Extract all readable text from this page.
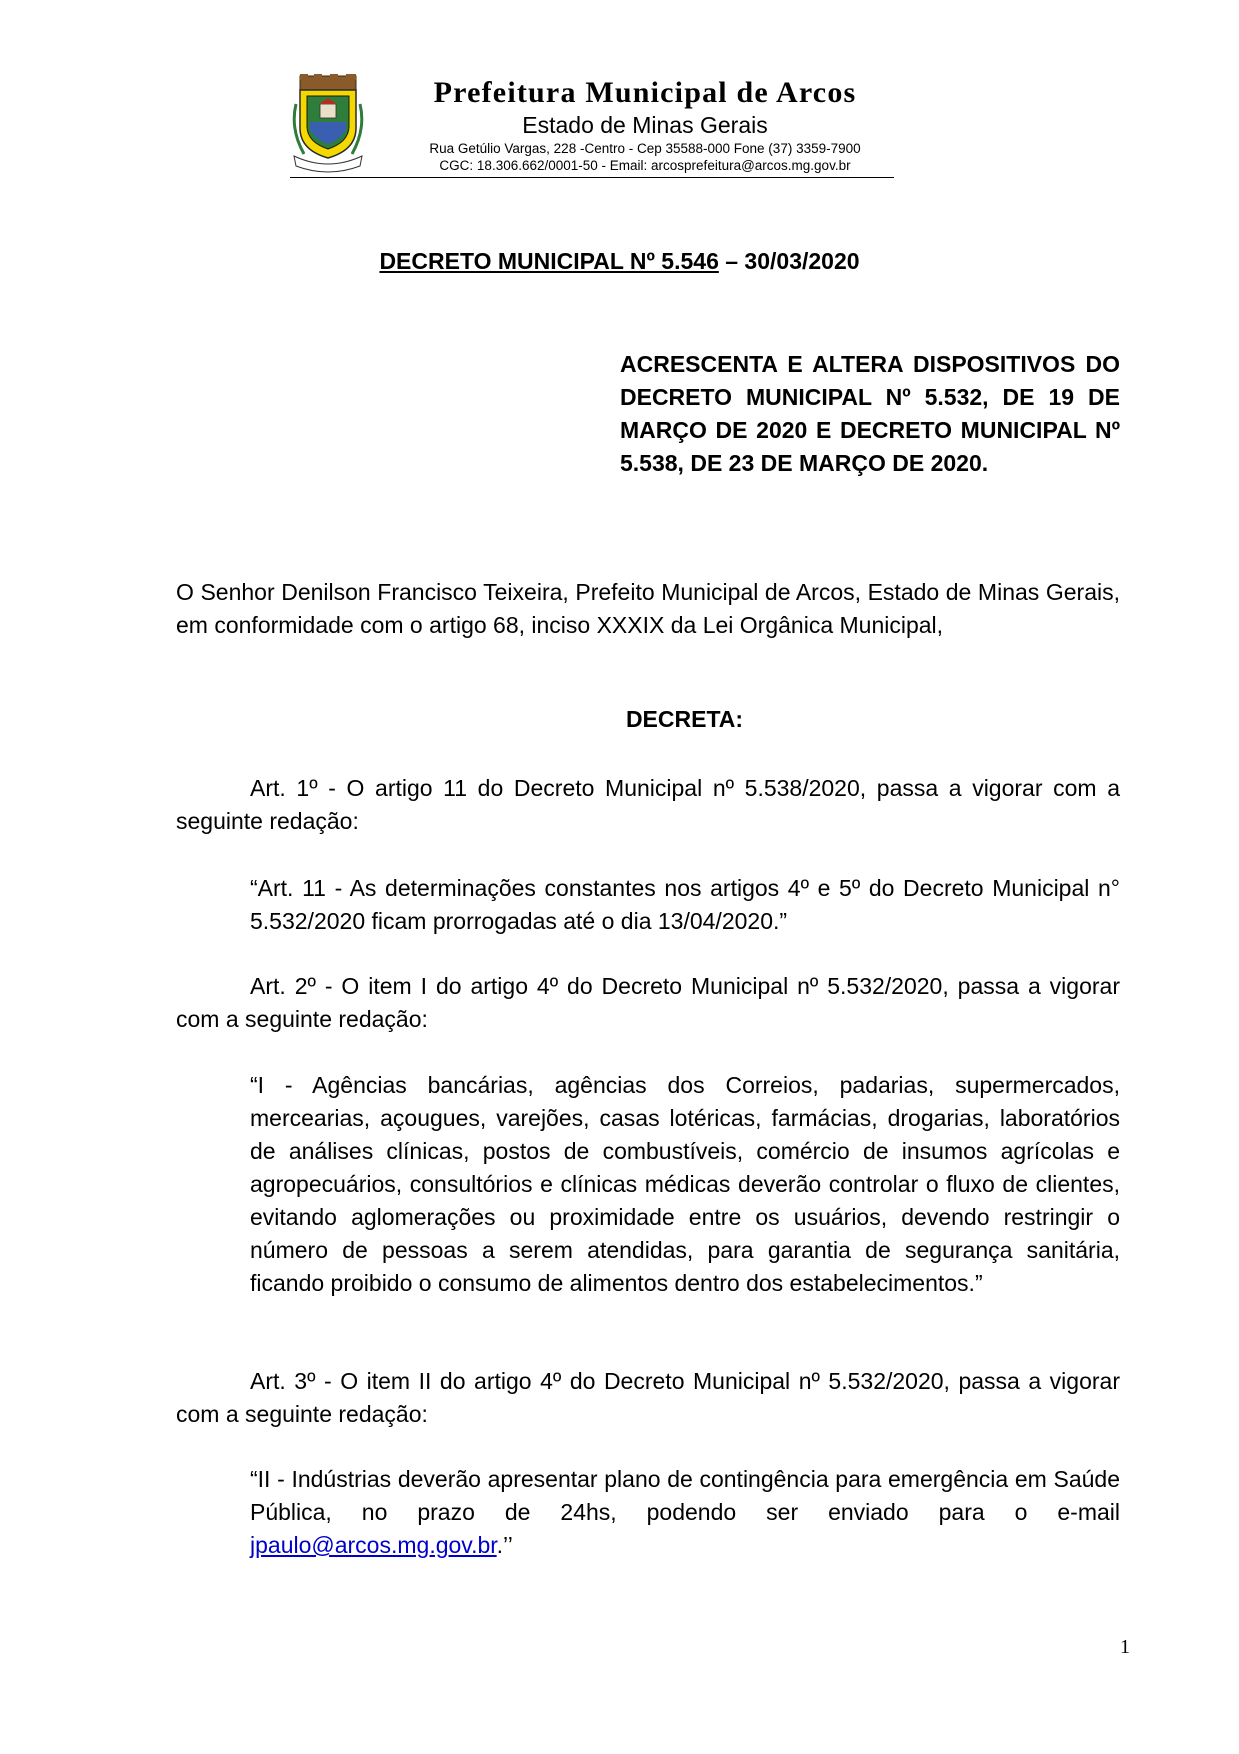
Prefeitura Municipal de Arcos
Estado de Minas Gerais
Rua Getúlio Vargas, 228 -Centro - Cep 35588-000 Fone (37) 3359-7900
CGC: 18.306.662/0001-50 - Email: arcosprefeitura@arcos.mg.gov.br
DECRETO MUNICIPAL Nº 5.546 – 30/03/2020
ACRESCENTA E ALTERA DISPOSITIVOS DO DECRETO MUNICIPAL Nº 5.532, DE 19 DE MARÇO DE 2020 E DECRETO MUNICIPAL Nº 5.538, DE 23 DE MARÇO DE 2020.

O Senhor Denilson Francisco Teixeira, Prefeito Municipal de Arcos, Estado de Minas Gerais, em conformidade com o artigo 68, inciso XXXIX da Lei Orgânica Municipal,

DECRETA:

Art. 1º - O artigo 11 do Decreto Municipal nº 5.538/2020, passa a vigorar com a seguinte redação:

“Art. 11 - As determinações constantes nos artigos 4º e 5º do Decreto Municipal n° 5.532/2020 ficam prorrogadas até o dia 13/04/2020.”

Art. 2º - O item I do artigo 4º do Decreto Municipal nº 5.532/2020, passa a vigorar com a seguinte redação:

“I - Agências bancárias, agências dos Correios, padarias, supermercados, mercearias, açougues, varejões, casas lotéricas, farmácias, drogarias, laboratórios de análises clínicas, postos de combustíveis, comércio de insumos agrícolas e agropecuários, consultórios e clínicas médicas deverão controlar o fluxo de clientes, evitando aglomerações ou proximidade entre os usuários, devendo restringir o número de pessoas a serem atendidas, para garantia de segurança sanitária, ficando proibido o consumo de alimentos dentro dos estabelecimentos.”

Art. 3º - O item II do artigo 4º do Decreto Municipal nº 5.532/2020, passa a vigorar com a seguinte redação:

“II - Indústrias deverão apresentar plano de contingência para emergência em Saúde Pública, no prazo de 24hs, podendo ser enviado para o e-mail jpaulo@arcos.mg.gov.br.’’

1
